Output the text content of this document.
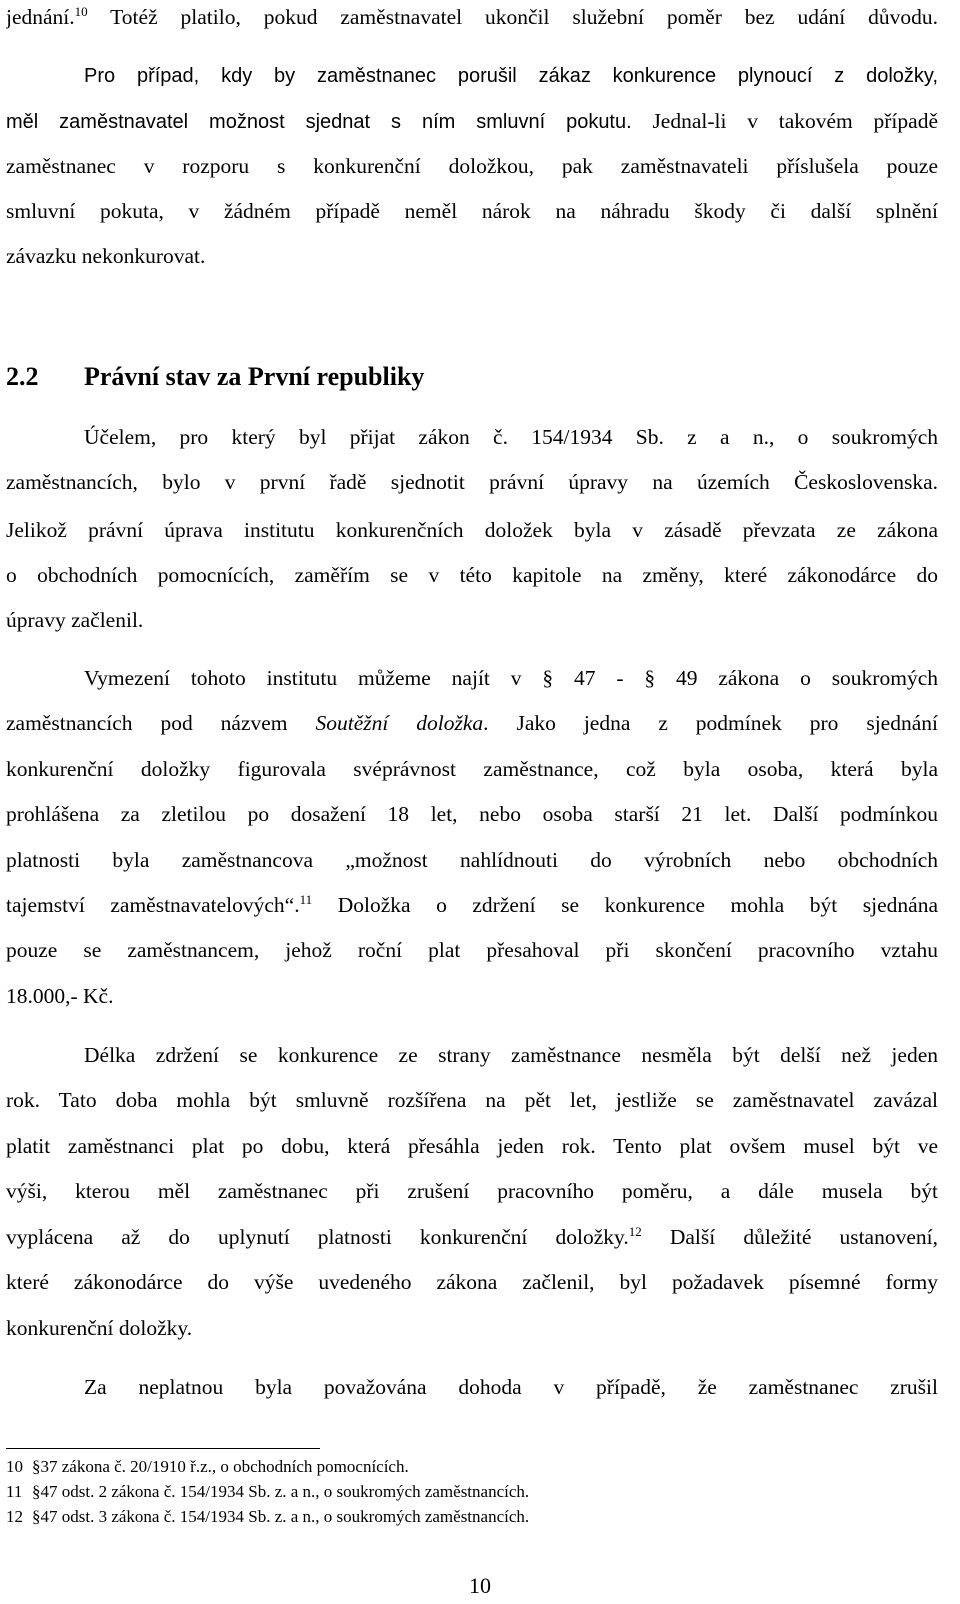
jednání.$^{10}$ Totéž platilo, pokud zaměstnavatel ukončil služební poměr bez udání důvodu.
Pro případ, kdy by zaměstnanec porušil zákaz konkurence plynoucí z doložky,
měl zaměstnavatel možnost sjednat s ním smluvní pokutu. Jednal-li v takovém případě
zaměstnanec v rozporu s konkurenční doložkou, pak zaměstnavateli příslušela pouze
smluvní pokuta, v žádném případě neměl nárok na náhradu škody či další splnění
závazku nekonkurovat.
2.2 Právní stav za První republiky
Účelem, pro který byl přijat zákon č. 154/1934 Sb. z a n., o soukromých
zaměstnancích, bylo v první řadě sjednotit právní úpravy na územích Československa.
Jelikož právní úprava institutu konkurenčních doložek byla v zásadě převzata ze zákona
o obchodních pomocnících, zaměřím se v této kapitole na změny, které zákonodárce do
úpravy začlenil.
Vymezení tohoto institutu můžeme najít v § 47 - § 49 zákona o soukromých
zaměstnancích pod názvem Soutěžní doložka. Jako jedna z podmínek pro sjednání
konkurenční doložky figurovala svéprávnost zaměstnance, což byla osoba, která byla
prohlášena za zletilou po dosažení 18 let, nebo osoba starší 21 let. Další podmínkou
platnosti byla zaměstnancova „možnost nahlídnouti do výrobních nebo obchodních
tajemství zaměstnavatelových“.$^{11}$ Doložka o zdržení se konkurence mohla být sjednána
pouze se zaměstnancem, jehož roční plat přesahoval při skončení pracovního vztahu
18.000,- Kč.
Délka zdržení se konkurence ze strany zaměstnance nesměla být delší než jeden
rok. Tato doba mohla být smluvně rozšířena na pět let, jestliže se zaměstnavatel zavázal
platit zaměstnanci plat po dobu, která přesáhla jeden rok. Tento plat ovšem musel být ve
výši, kterou měl zaměstnanec při zrušení pracovního poměru, a dále musela být
vyplácena až do uplynutí platnosti konkurenční doložky.$^{12}$ Další důležité ustanovení,
které zákonodárce do výše uvedeného zákona začlenil, byl požadavek písemné formy
konkurenční doložky.
Za neplatnou byla považována dohoda v případě, že zaměstnanec zrušil
10 §37 zákona č. 20/1910 ř.z., o obchodních pomocnících.
11 §47 odst. 2 zákona č. 154/1934 Sb. z. a n., o soukromých zaměstnancích.
12 §47 odst. 3 zákona č. 154/1934 Sb. z. a n., o soukromých zaměstnancích.
10
